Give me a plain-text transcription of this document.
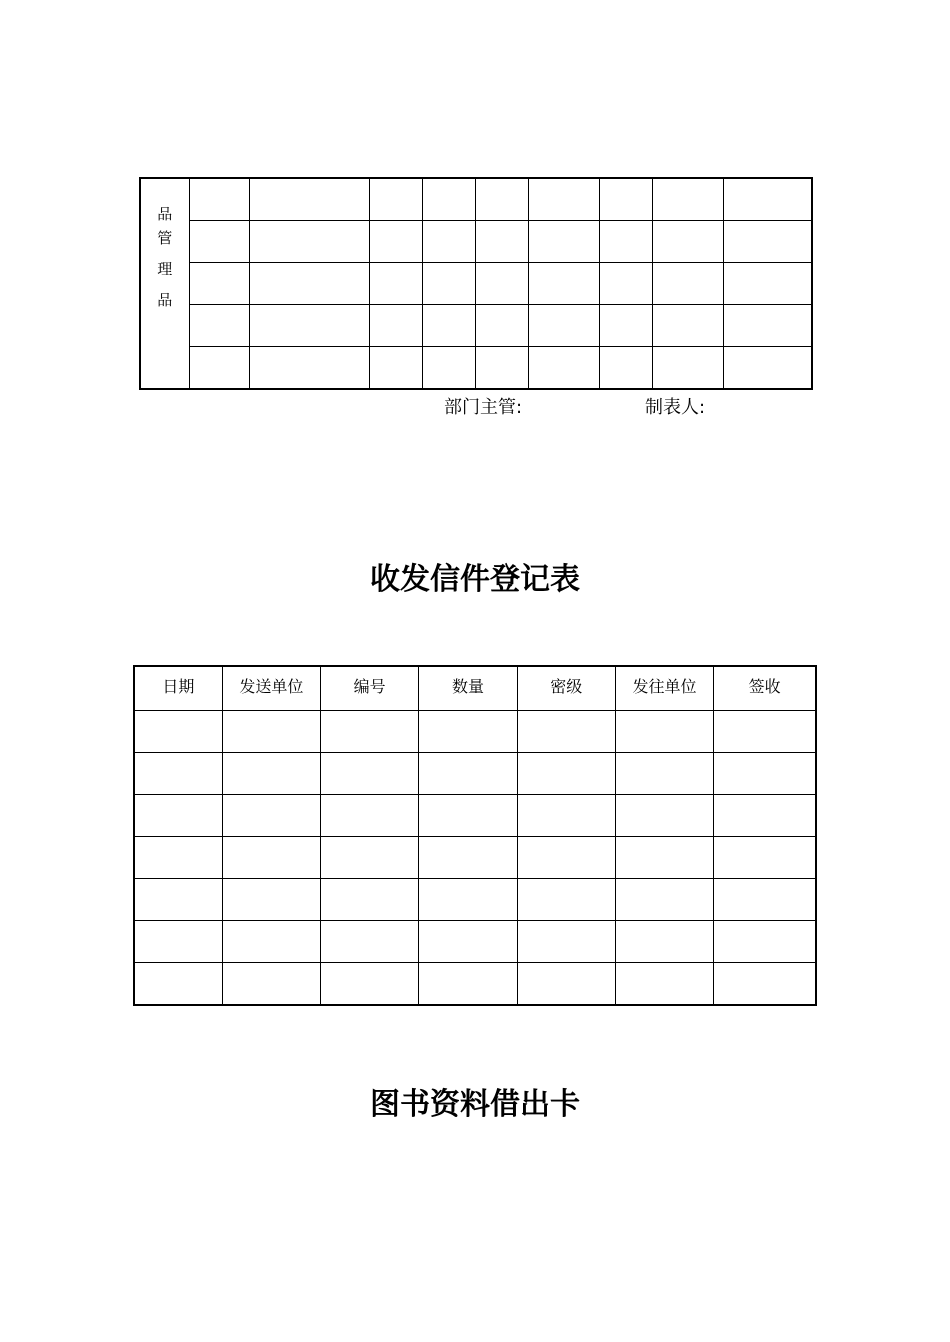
品
管
理
品									

部门主管:	制表人:
收发信件登记表
日期	发送单位	编号	数量	密级	发往单位	签收

图书资料借出卡
